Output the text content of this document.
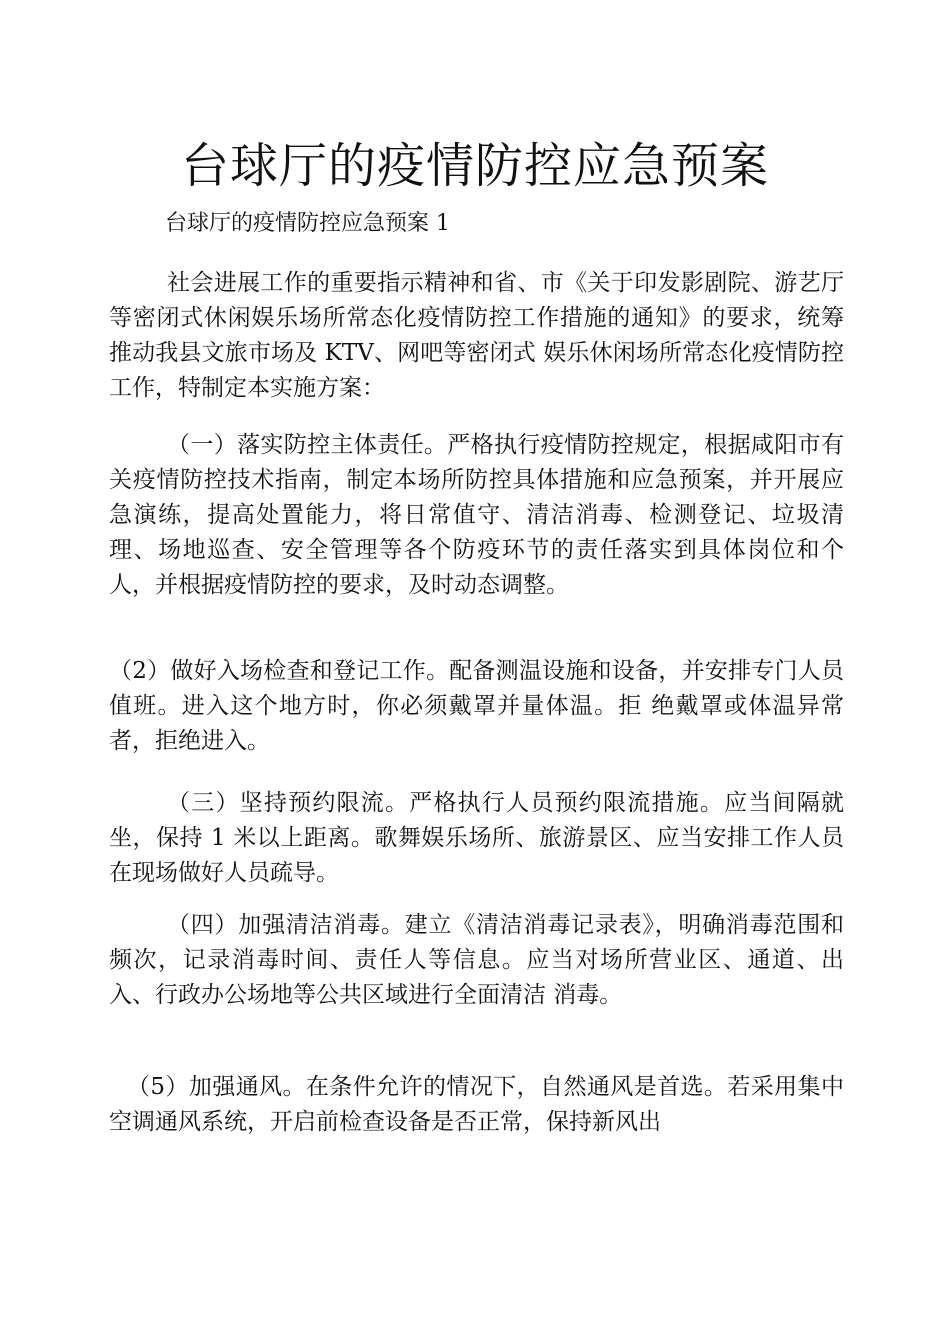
台球厅的疫情防控应急预案
台球厅的疫情防控应急预案 1

社会进展工作的重要指示精神和省、市《关于印发影剧院、游艺厅等密闭式休闲娱乐场所常态化疫情防控工作措施的通知》的要求，统筹推动我县文旅市场及 KTV、网吧等密闭式 娱乐休闲场所常态化疫情防控工作，特制定本实施方案：

（一）落实防控主体责任。严格执行疫情防控规定，根据咸阳市有关疫情防控技术指南，制定本场所防控具体措施和应急预案，并开展应急演练，提高处置能力，将日常值守、清洁消毒、检测登记、垃圾清理、场地巡查、安全管理等各个防疫环节的责任落实到具体岗位和个人，并根据疫情防控的要求，及时动态调整。

（2）做好入场检查和登记工作。配备测温设施和设备，并安排专门人员值班。进入这个地方时，你必须戴罩并量体温。拒 绝戴罩或体温异常者，拒绝进入。

（三）坚持预约限流。严格执行人员预约限流措施。应当间隔就坐，保持 1 米以上距离。歌舞娱乐场所、旅游景区、应当安排工作人员在现场做好人员疏导。

（四）加强清洁消毒。建立《清洁消毒记录表》，明确消毒范围和频次，记录消毒时间、责任人等信息。应当对场所营业区、通道、出入、行政办公场地等公共区域进行全面清洁 消毒。

（5）加强通风。在条件允许的情况下，自然通风是首选。若采用集中空调通风系统，开启前检查设备是否正常，保持新风出
